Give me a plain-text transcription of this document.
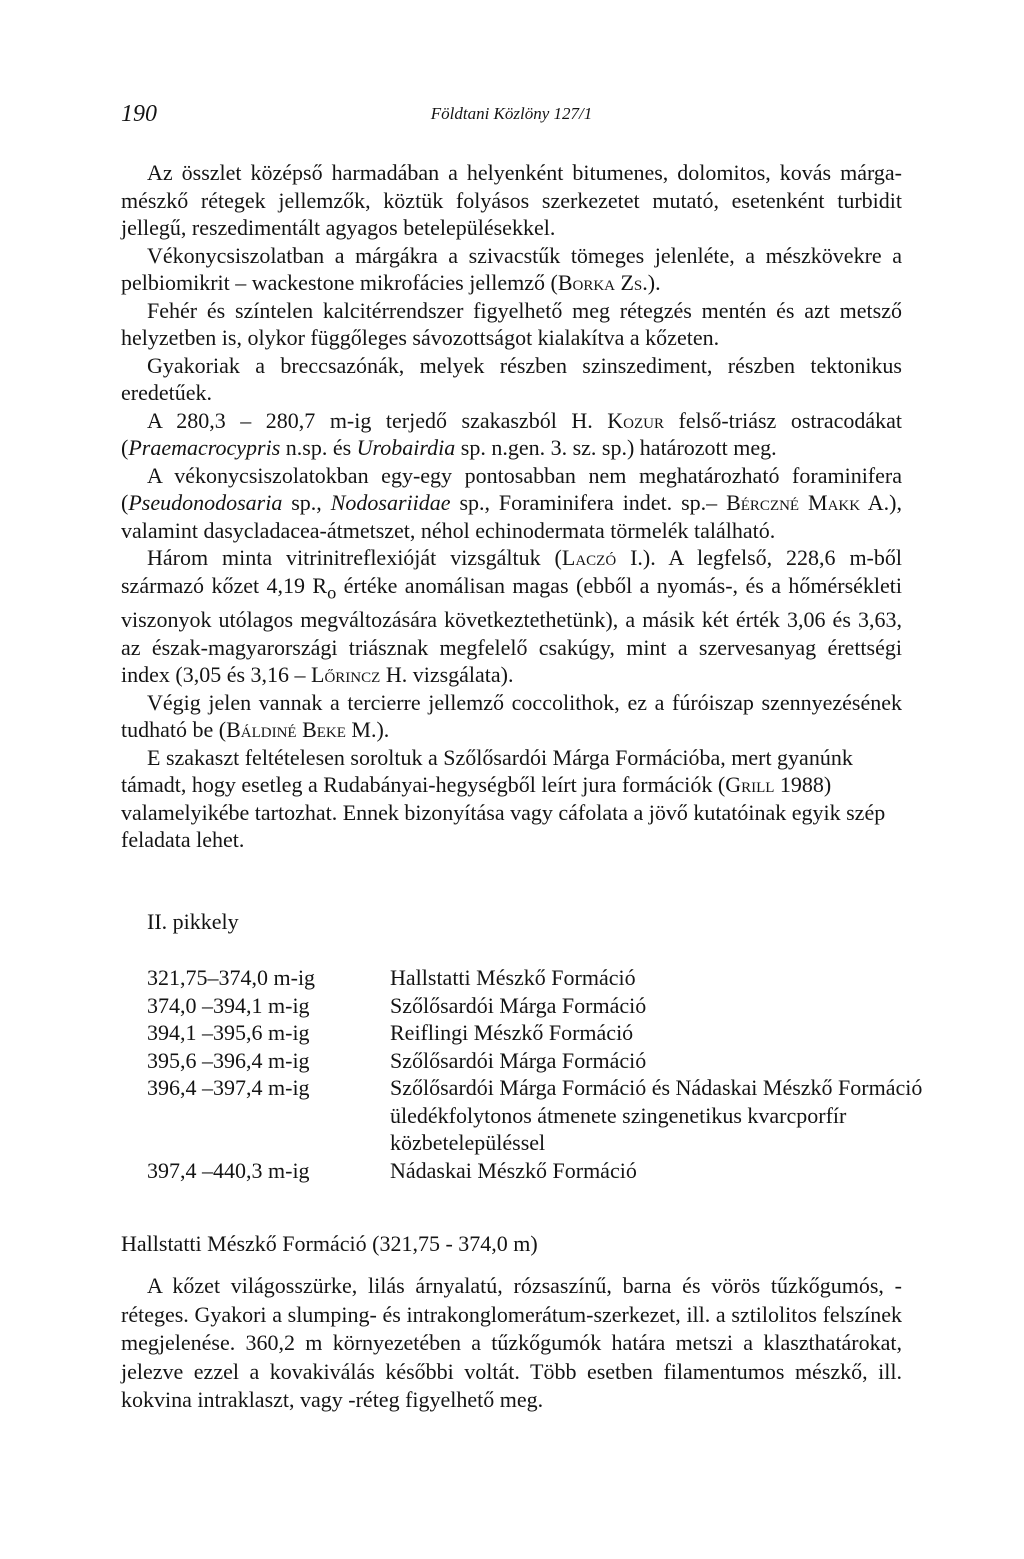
190	Földtani Közlöny 127/1

Az összlet középső harmadában a helyenként bitumenes, dolomitos, kovás márga-mészkő rétegek jellemzők, köztük folyásos szerkezetet mutató, esetenként turbidit jellegű, reszedimentált agyagos betelepülésekkel.

Vékonycsiszolatban a márgákra a szivacstűk tömeges jelenléte, a mészkövekre a pelbiomikrit – wackestone mikrofácies jellemző (Borka Zs.).

Fehér és színtelen kalcitérrendszer figyelhető meg rétegzés mentén és azt metsző helyzetben is, olykor függőleges sávozottságot kialakítva a kőzeten.

Gyakoriak a breccsazónák, melyek részben szinszediment, részben tektonikus eredetűek.

A 280,3 – 280,7 m-ig terjedő szakaszból H. Kozur felső-triász ostracodákat (Praemacrocypris n.sp. és Urobairdia sp. n.gen. 3. sz. sp.) határozott meg.

A vékonycsiszolatokban egy-egy pontosabban nem meghatározható foraminifera (Pseudonodosaria sp., Nodosariidae sp., Foraminifera indet. sp.– Bérczné Makk A.), valamint dasycladacea-átmetszet, néhol echinodermata törmelék található.

Három minta vitrinitreflexióját vizsgáltuk (Laczó I.). A legfelső, 228,6 m-ből származó kőzet 4,19 $R_o$ értéke anomálisan magas (ebből a nyomás-, és a hőmérsékleti viszonyok utólagos megváltozására következtethetünk), a másik két érték 3,06 és 3,63, az észak-magyarországi triásznak megfelelő csakúgy, mint a szervesanyag érettségi index (3,05 és 3,16 – Lőrincz H. vizsgálata).

Végig jelen vannak a tercierre jellemző coccolithok, ez a fúróiszap szennyezésének tudható be (Báldiné Beke M.).

E szakaszt feltételesen soroltuk a Szőlősardói Márga Formációba, mert gyanúnk támadt, hogy esetleg a Rudabányai-hegységből leírt jura formációk (Grill 1988) valamelyikébe tartozhat. Ennek bizonyítása vagy cáfolata a jövő kutatóinak egyik szép feladata lehet.

II. pikkely
321,75–374,0 m-ig	Hallstatti Mészkő Formáció
374,0 –394,1 m-ig	Szőlősardói Márga Formáció
394,1 –395,6 m-ig	Reiflingi Mészkő Formáció
395,6 –396,4 m-ig	Szőlősardói Márga Formáció
396,4 –397,4 m-ig	Szőlősardói Márga Formáció és Nádaskai Mészkő Formáció üledékfolytonos átmenete szingenetikus kvarcporfír közbetelepüléssel
397,4 –440,3 m-ig	Nádaskai Mészkő Formáció
Hallstatti Mészkő Formáció (321,75 - 374,0 m)

A kőzet világosszürke, lilás árnyalatú, rózsaszínű, barna és vörös tűzkőgumós, -réteges. Gyakori a slumping- és intrakonglomerátum-szerkezet, ill. a sztilolitos felszínek megjelenése. 360,2 m környezetében a tűzkőgumók határa metszi a klaszthatárokat, jelezve ezzel a kovakiválás későbbi voltát. Több esetben filamentumos mészkő, ill. kokvina intraklaszt, vagy -réteg figyelhető meg.
